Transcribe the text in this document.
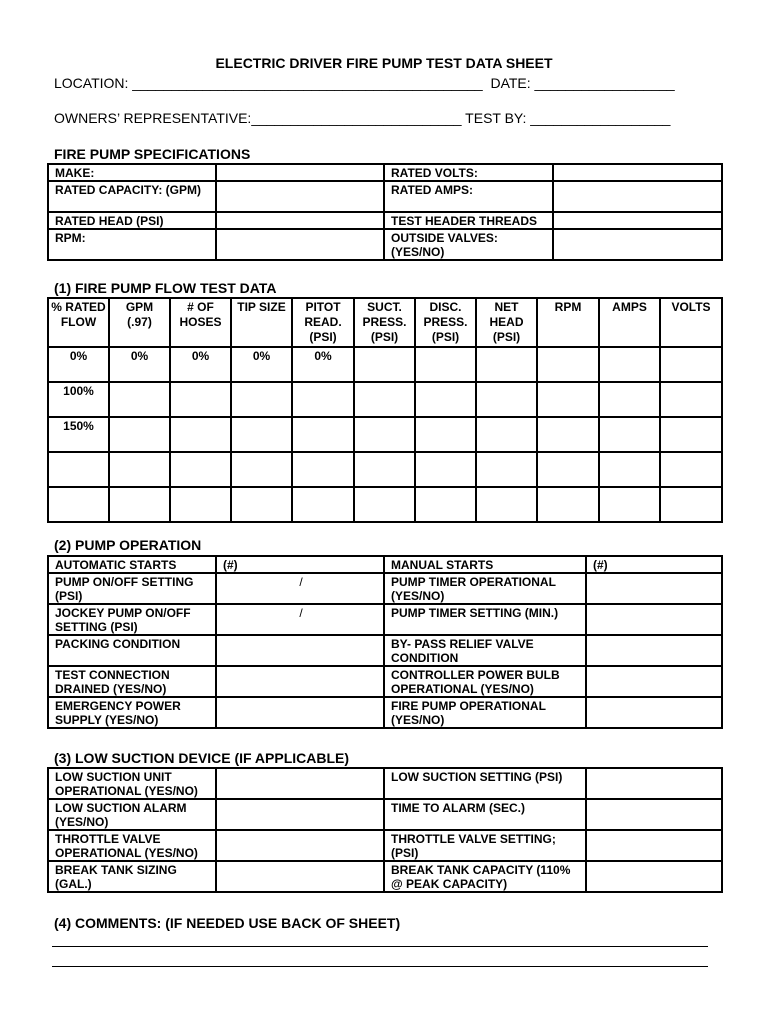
ELECTRIC DRIVER FIRE PUMP TEST DATA SHEET
LOCATION: _____________________________________________  DATE: __________________
OWNERS’ REPRESENTATIVE:___________________________ TEST BY: __________________
FIRE PUMP SPECIFICATIONS
MAKE:		RATED VOLTS:	
RATED CAPACITY: (GPM)		RATED AMPS:	
RATED HEAD (PSI)		TEST HEADER THREADS	
RPM:		OUTSIDE VALVES: (YES/NO)	
(1) FIRE PUMP FLOW TEST DATA
% RATED FLOW	GPM (.97)	# OF HOSES	TIP SIZE	PITOT READ. (PSI)	SUCT. PRESS. (PSI)	DISC. PRESS. (PSI)	NET HEAD (PSI)	RPM	AMPS	VOLTS
0%	0%	0%	0%	0%						
100%										
150%										

(2) PUMP OPERATION
AUTOMATIC STARTS	(#)	MANUAL STARTS	(#)
PUMP ON/OFF SETTING (PSI)	/	PUMP TIMER OPERATIONAL (YES/NO)	
JOCKEY PUMP ON/OFF SETTING (PSI)	/	PUMP TIMER SETTING (MIN.)	
PACKING CONDITION		BY- PASS RELIEF VALVE CONDITION	
TEST CONNECTION DRAINED (YES/NO)		CONTROLLER POWER BULB OPERATIONAL (YES/NO)	
EMERGENCY POWER SUPPLY (YES/NO)		FIRE PUMP OPERATIONAL (YES/NO)	
(3) LOW SUCTION DEVICE (IF APPLICABLE)
LOW SUCTION UNIT OPERATIONAL (YES/NO)		LOW SUCTION SETTING (PSI)	
LOW SUCTION ALARM (YES/NO)		TIME TO ALARM (SEC.)	
THROTTLE VALVE OPERATIONAL (YES/NO)		THROTTLE VALVE SETTING; (PSI)	
BREAK TANK SIZING (GAL.)		BREAK TANK CAPACITY (110% @ PEAK CAPACITY)	
(4) COMMENTS: (IF NEEDED USE BACK OF SHEET)
